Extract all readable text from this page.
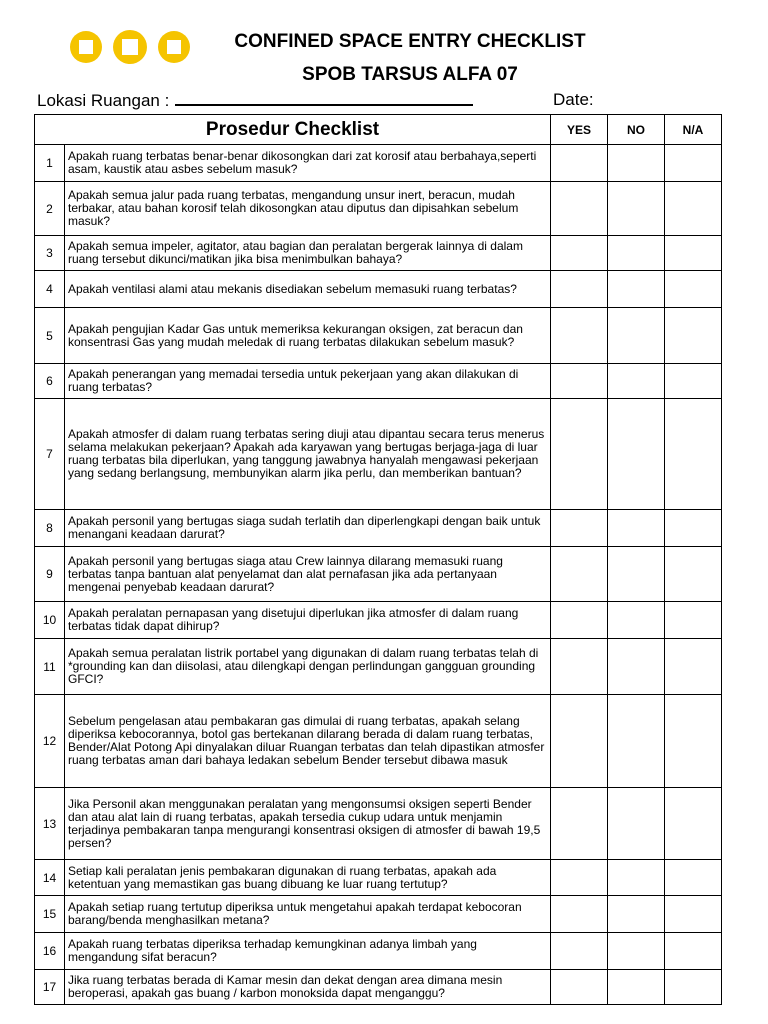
CONFINED SPACE ENTRY CHECKLIST
SPOB TARSUS ALFA 07
Lokasi Ruangan :	Date:
Prosedur Checklist		YES	NO	N/A
1	Apakah ruang terbatas benar-benar dikosongkan dari zat korosif atau berbahaya,seperti asam, kaustik atau asbes sebelum masuk?			
2	Apakah semua jalur pada ruang terbatas, mengandung unsur inert, beracun, mudah terbakar, atau bahan korosif telah dikosongkan atau diputus dan dipisahkan sebelum masuk?			
3	Apakah semua impeler, agitator, atau bagian dan peralatan bergerak lainnya di dalam ruang tersebut dikunci/matikan jika bisa menimbulkan bahaya?			
4	Apakah ventilasi alami atau mekanis disediakan sebelum memasuki ruang terbatas?			
5	Apakah pengujian Kadar Gas untuk memeriksa kekurangan oksigen, zat beracun dan konsentrasi Gas yang mudah meledak di ruang terbatas dilakukan sebelum masuk?			
6	Apakah penerangan yang memadai tersedia untuk pekerjaan yang akan dilakukan di ruang terbatas?			
7	Apakah atmosfer di dalam ruang terbatas sering diuji atau dipantau secara terus menerus selama melakukan pekerjaan? Apakah ada karyawan yang bertugas berjaga-jaga di luar ruang terbatas bila diperlukan, yang tanggung jawabnya hanyalah mengawasi pekerjaan yang sedang berlangsung, membunyikan alarm jika perlu, dan memberikan bantuan?			
8	Apakah personil yang bertugas siaga sudah terlatih dan diperlengkapi dengan baik untuk menangani keadaan darurat?			
9	Apakah personil yang bertugas siaga atau Crew lainnya dilarang memasuki ruang terbatas tanpa bantuan alat penyelamat dan alat pernafasan jika ada pertanyaan mengenai penyebab keadaan darurat?			
10	Apakah peralatan pernapasan yang disetujui diperlukan jika atmosfer di dalam ruang terbatas tidak dapat dihirup?			
11	Apakah semua peralatan listrik portabel yang digunakan di dalam ruang terbatas telah di *grounding kan dan diisolasi, atau dilengkapi dengan perlindungan gangguan grounding GFCI?			
12	Sebelum pengelasan atau pembakaran gas dimulai di ruang terbatas, apakah selang diperiksa kebocorannya, botol gas bertekanan dilarang berada di dalam ruang terbatas, Bender/Alat Potong Api dinyalakan diluar Ruangan terbatas dan telah dipastikan atmosfer ruang terbatas aman dari bahaya ledakan sebelum Bender tersebut dibawa masuk			
13	Jika Personil akan menggunakan peralatan yang mengonsumsi oksigen seperti Bender dan atau alat lain di ruang terbatas, apakah tersedia cukup udara untuk menjamin terjadinya pembakaran tanpa mengurangi konsentrasi oksigen di atmosfer di bawah 19,5 persen?			
14	Setiap kali peralatan jenis pembakaran digunakan di ruang terbatas, apakah ada ketentuan yang memastikan gas buang dibuang ke luar ruang tertutup?			
15	Apakah setiap ruang tertutup diperiksa untuk mengetahui apakah terdapat kebocoran barang/benda menghasilkan metana?			
16	Apakah ruang terbatas diperiksa terhadap kemungkinan adanya limbah yang mengandung sifat beracun?			
17	Jika ruang terbatas berada di Kamar mesin dan dekat dengan area dimana mesin beroperasi, apakah gas buang / karbon monoksida dapat menganggu?			
